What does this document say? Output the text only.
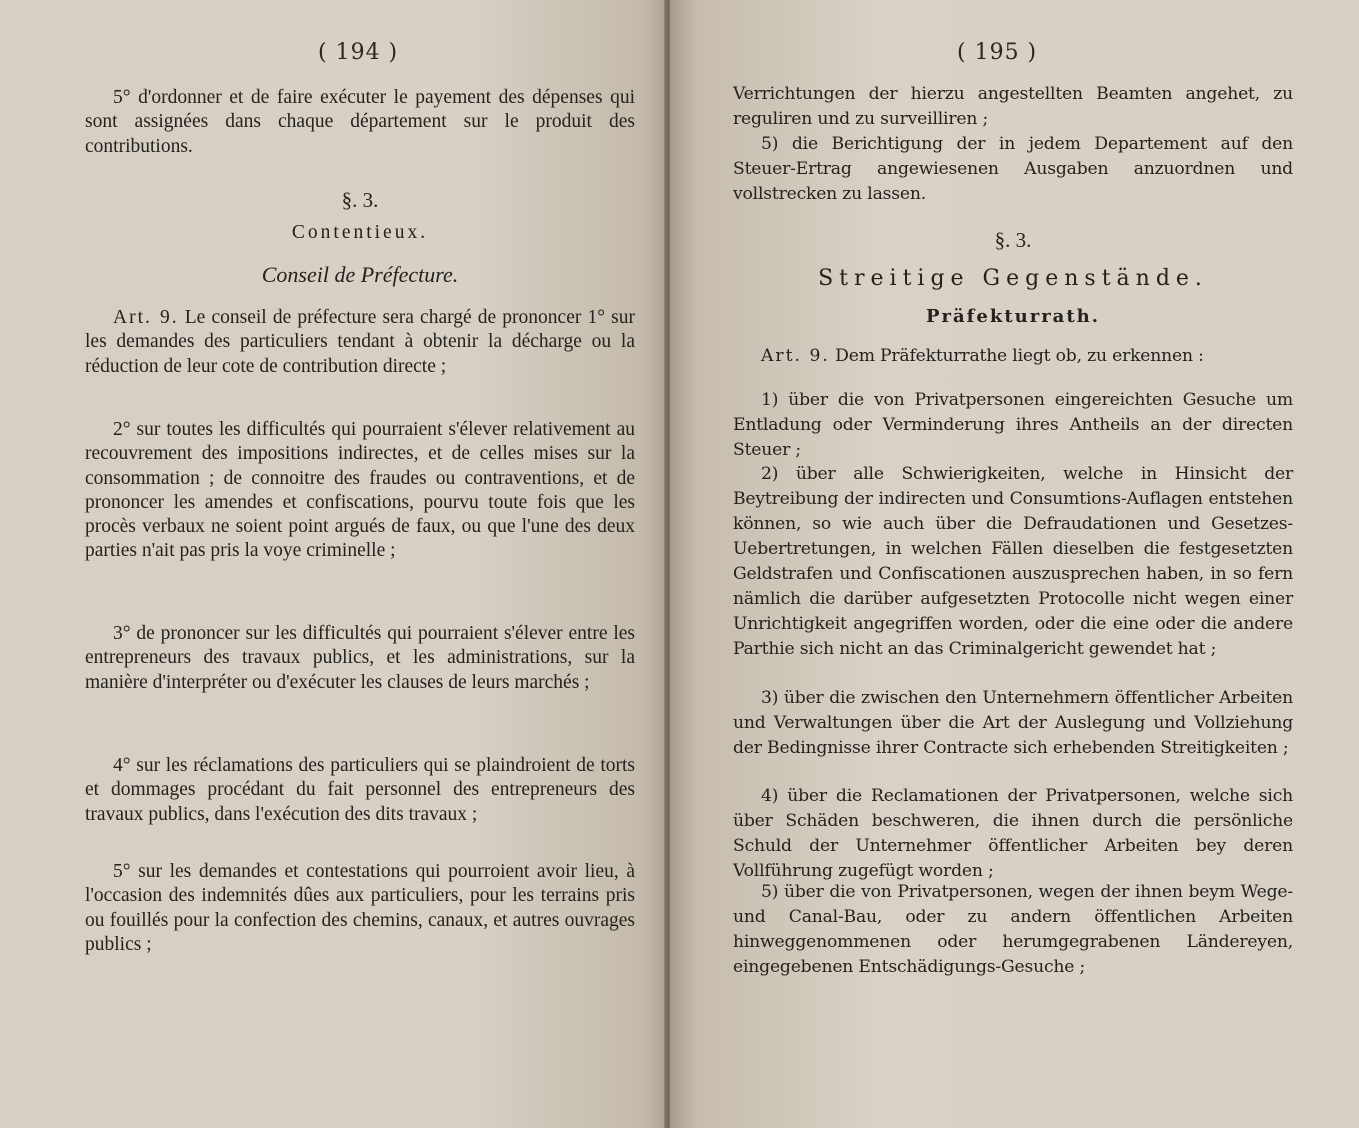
( 194 )

5° d'ordonner et de faire exécuter le payement des dépenses qui sont assignées dans chaque département sur le produit des contributions.

§. 3.

Contentieux.

Conseil de Préfecture.

Art. 9. Le conseil de préfecture sera chargé de prononcer 1° sur les demandes des particuliers tendant à obtenir la décharge ou la réduction de leur cote de contribution directe ;

2° sur toutes les difficultés qui pourraient s'élever relativement au recouvrement des impositions indirectes, et de celles mises sur la consommation ; de connoitre des fraudes ou contraventions, et de prononcer les amendes et confiscations, pourvu toute fois que les procès verbaux ne soient point argués de faux, ou que l'une des deux parties n'ait pas pris la voye criminelle ;

3° de prononcer sur les difficultés qui pourraient s'élever entre les entrepreneurs des travaux publics, et les administrations, sur la manière d'interpréter ou d'exécuter les clauses de leurs marchés ;

4° sur les réclamations des particuliers qui se plaindroient de torts et dommages procédant du fait personnel des entrepreneurs des travaux publics, dans l'exécution des dits travaux ;

5° sur les demandes et contestations qui pourroient avoir lieu, à l'occasion des indemnités dûes aux particuliers, pour les terrains pris ou fouillés pour la confection des chemins, canaux, et autres ouvrages publics ;

( 195 )

Verrichtungen der hierzu angestellten Beamten angehet, zu reguliren und zu surveilliren ;

5) die Berichtigung der in jedem Departement auf den Steuer-Ertrag angewiesenen Ausgaben anzuordnen und vollstrecken zu lassen.

§. 3.

Streitige Gegenstände.

Präfekturrath.

Art. 9. Dem Präfekturrathe liegt ob, zu erkennen :

1) über die von Privatpersonen eingereichten Gesuche um Entladung oder Verminderung ihres Antheils an der directen Steuer ;

2) über alle Schwierigkeiten, welche in Hinsicht der Beytreibung der indirecten und Consumtions-Auflagen entstehen können, so wie auch über die Defraudationen und Gesetzes-Uebertretungen, in welchen Fällen dieselben die festgesetzten Geldstrafen und Confiscationen auszusprechen haben, in so fern nämlich die darüber aufgesetzten Protocolle nicht wegen einer Unrichtigkeit angegriffen worden, oder die eine oder die andere Parthie sich nicht an das Criminalgericht gewendet hat ;

3) über die zwischen den Unternehmern öffentlicher Arbeiten und Verwaltungen über die Art der Auslegung und Vollziehung der Bedingnisse ihrer Contracte sich erhebenden Streitigkeiten ;

4) über die Reclamationen der Privatpersonen, welche sich über Schäden beschweren, die ihnen durch die persönliche Schuld der Unternehmer öffentlicher Arbeiten bey deren Vollführung zugefügt worden ;

5) über die von Privatpersonen, wegen der ihnen beym Wege- und Canal-Bau, oder zu andern öffentlichen Arbeiten hinweggenommenen oder herumgegrabenen Ländereyen, eingegebenen Entschädigungs-Gesuche ;
